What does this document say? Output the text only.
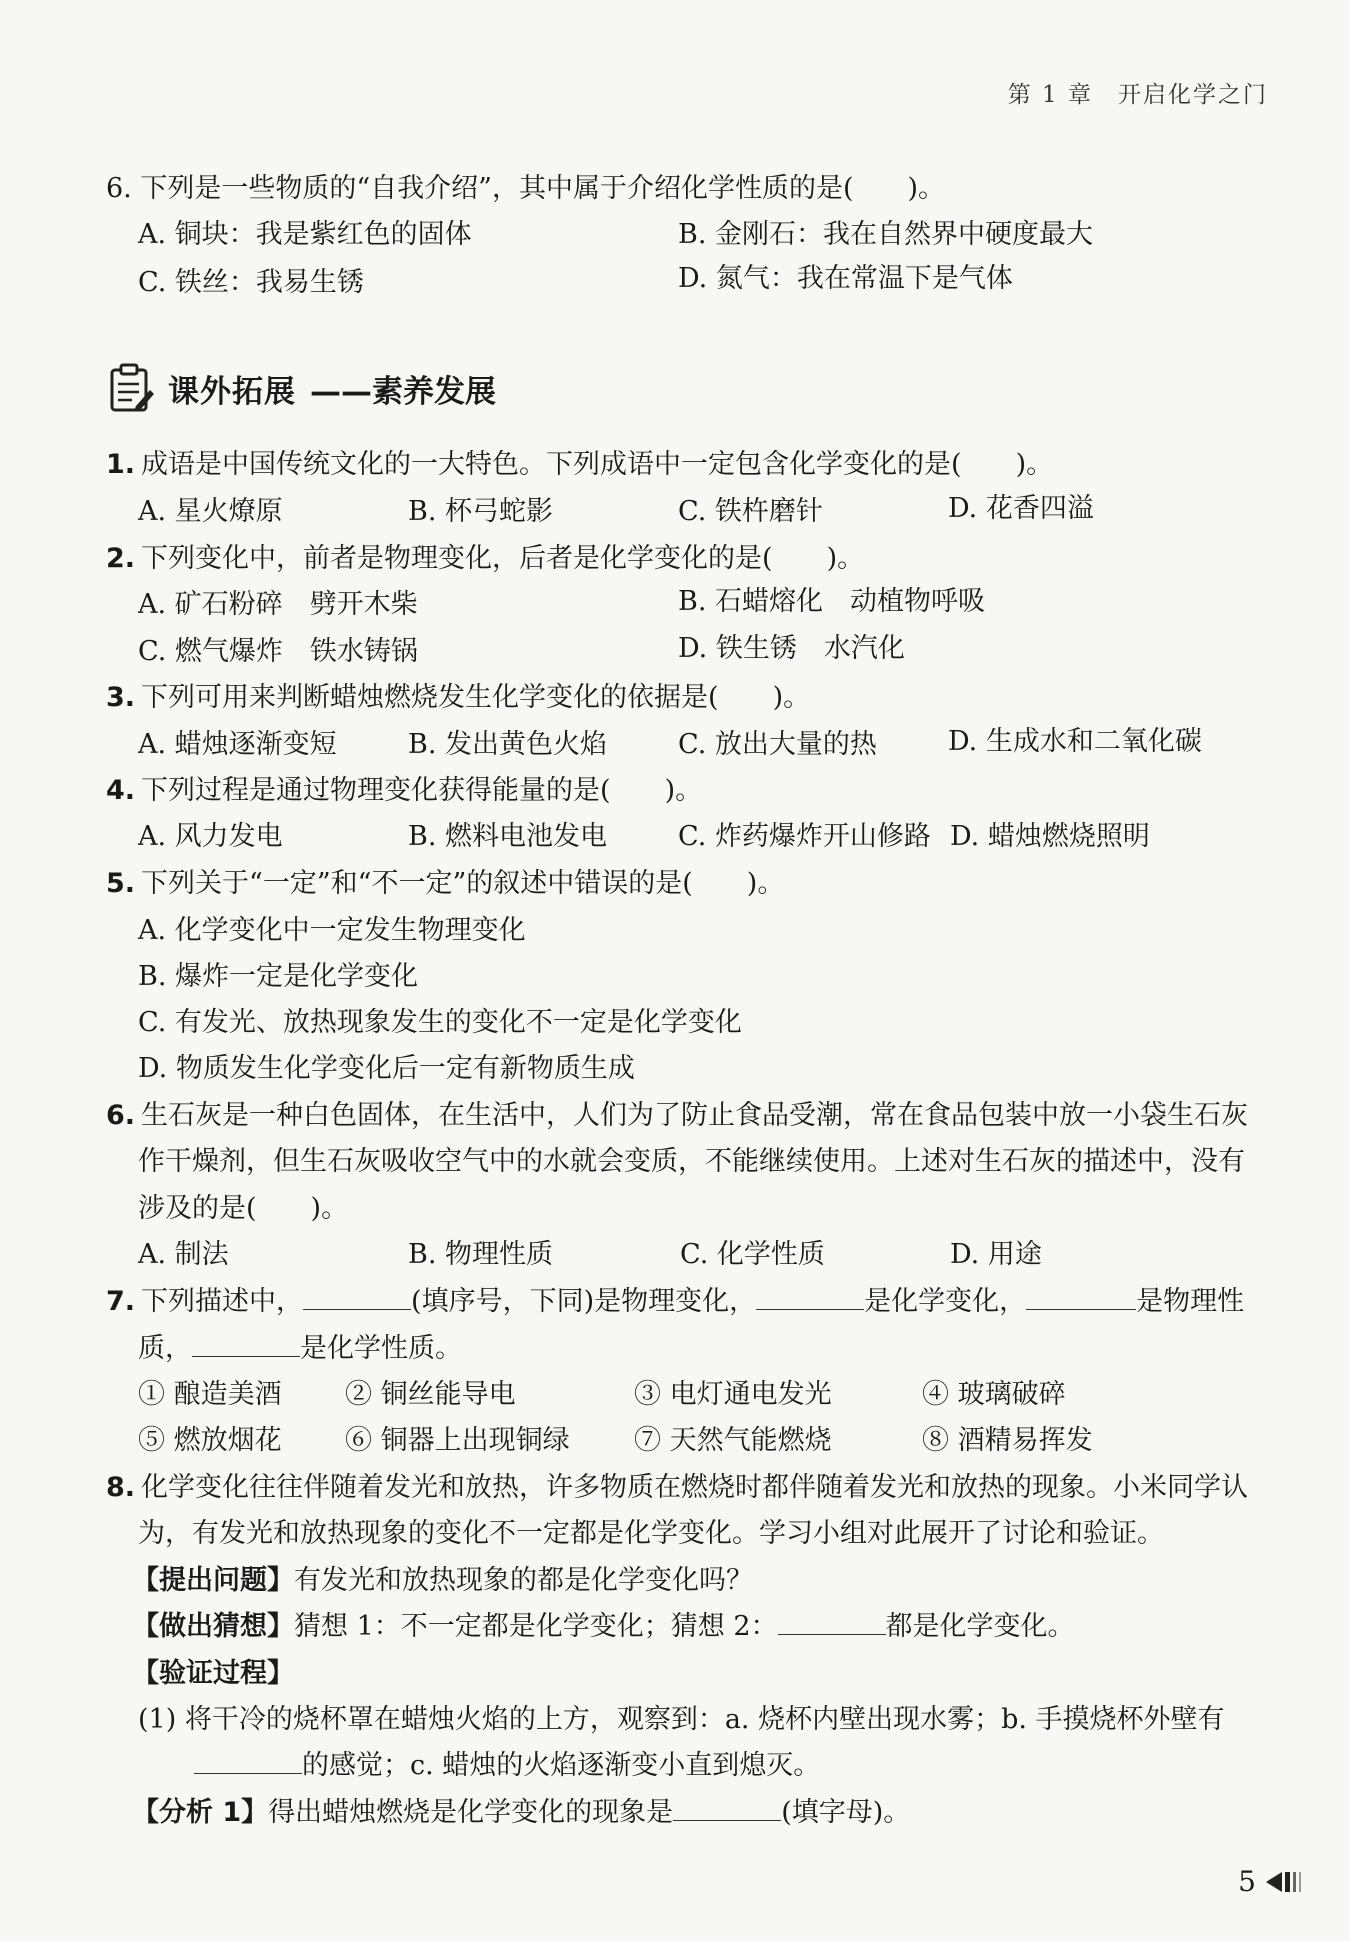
第 1 章　开启化学之门
6. 下列是一些物质的“自我介绍”，其中属于介绍化学性质的是(　　)。
A. 铜块：我是紫红色的固体	B. 金刚石：我在自然界中硬度最大
C. 铁丝：我易生锈	D. 氮气：我在常温下是气体
课外拓展 ——素养发展
1. 成语是中国传统文化的一大特色。下列成语中一定包含化学变化的是(　　)。
A. 星火燎原	B. 杯弓蛇影	C. 铁杵磨针	D. 花香四溢
2. 下列变化中，前者是物理变化，后者是化学变化的是(　　)。
A. 矿石粉碎　劈开木柴	B. 石蜡熔化　动植物呼吸
C. 燃气爆炸　铁水铸锅	D. 铁生锈　水汽化
3. 下列可用来判断蜡烛燃烧发生化学变化的依据是(　　)。
A. 蜡烛逐渐变短	B. 发出黄色火焰	C. 放出大量的热	D. 生成水和二氧化碳
4. 下列过程是通过物理变化获得能量的是(　　)。
A. 风力发电	B. 燃料电池发电	C. 炸药爆炸开山修路 D. 蜡烛燃烧照明
5. 下列关于“一定”和“不一定”的叙述中错误的是(　　)。
A. 化学变化中一定发生物理变化
B. 爆炸一定是化学变化
C. 有发光、放热现象发生的变化不一定是化学变化
D. 物质发生化学变化后一定有新物质生成
6. 生石灰是一种白色固体，在生活中，人们为了防止食品受潮，常在食品包装中放一小袋生石灰
作干燥剂，但生石灰吸收空气中的水就会变质，不能继续使用。上述对生石灰的描述中，没有
涉及的是(　　)。
A. 制法	B. 物理性质	C. 化学性质	D. 用途
7. 下列描述中，	(填序号，下同)是物理变化，	是化学变化，	是物理性
质，	是化学性质。
① 酿造美酒 ② 铜丝能导电	③ 电灯通电发光	④ 玻璃破碎
⑤ 燃放烟花 ⑥ 铜器上出现铜绿 ⑦ 天然气能燃烧	⑧ 酒精易挥发
8. 化学变化往往伴随着发光和放热，许多物质在燃烧时都伴随着发光和放热的现象。小米同学认
为，有发光和放热现象的变化不一定都是化学变化。学习小组对此展开了讨论和验证。
【提出问题】有发光和放热现象的都是化学变化吗？
【做出猜想】猜想 1：不一定都是化学变化；猜想 2：	都是化学变化。
【验证过程】
(1) 将干冷的烧杯罩在蜡烛火焰的上方，观察到：a. 烧杯内壁出现水雾；b. 手摸烧杯外壁有
的感觉；c. 蜡烛的火焰逐渐变小直到熄灭。
【分析 1】得出蜡烛燃烧是化学变化的现象是	(填字母)。
5
